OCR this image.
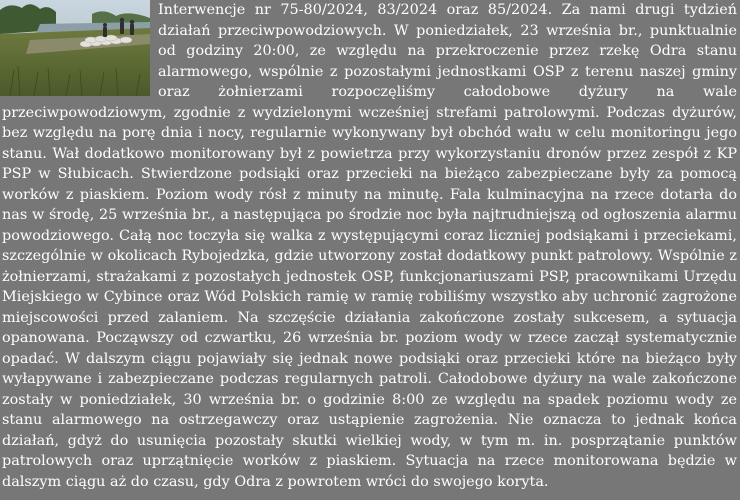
Interwencje nr 75-80/2024, 83/2024 oraz 85/2024. Za nami drugi tydzień działań przeciwpowodziowych. W poniedziałek, 23 września br., punktualnie od godziny 20:00, ze względu na przekroczenie przez rzekę Odra stanu alarmowego, wspólnie z pozostałymi jednostkami OSP z terenu naszej gminy oraz żołnierzami rozpoczęliśmy całodobowe dyżury na wale przeciwpowodziowym, zgodnie z wydzielonymi wcześniej strefami patrolowymi. Podczas dyżurów, bez względu na porę dnia i nocy, regularnie wykonywany był obchód wału w celu monitoringu jego stanu. Wał dodatkowo monitorowany był z powietrza przy wykorzystaniu dronów przez zespół z KP PSP w Słubicach. Stwierdzone podsiąki oraz przecieki na bieżąco zabezpieczane były za pomocą worków z piaskiem. Poziom wody rósł z minuty na minutę. Fala kulminacyjna na rzece dotarła do nas w środę, 25 września br., a następująca po środzie noc była najtrudniejszą od ogłoszenia alarmu powodziowego. Całą noc toczyła się walka z występującymi coraz liczniej podsiąkami i przeciekami, szczególnie w okolicach Rybojedzka, gdzie utworzony został dodatkowy punkt patrolowy. Wspólnie z żołnierzami, strażakami z pozostałych jednostek OSP, funkcjonariuszami PSP, pracownikami Urzędu Miejskiego w Cybince oraz Wód Polskich ramię w ramię robiliśmy wszystko aby uchronić zagrożone miejscowości przed zalaniem. Na szczęście działania zakończone zostały sukcesem, a sytuacja opanowana. Począwszy od czwartku, 26 września br. poziom wody w rzece zaczął systematycznie opadać. W dalszym ciągu pojawiały się jednak nowe podsiąki oraz przecieki które na bieżąco były wyłapywane i zabezpieczane podczas regularnych patroli. Całodobowe dyżury na wale zakończone zostały w poniedziałek, 30 września br. o godzinie 8:00 ze względu na spadek poziomu wody ze stanu alarmowego na ostrzegawczy oraz ustąpienie zagrożenia. Nie oznacza to jednak końca działań, gdyż do usunięcia pozostały skutki wielkiej wody, w tym m. in. posprzątanie punktów patrolowych oraz uprzątnięcie worków z piaskiem. Sytuacja na rzece monitorowana będzie w dalszym ciągu aż do czasu, gdy Odra z powrotem wróci do swojego koryta.
